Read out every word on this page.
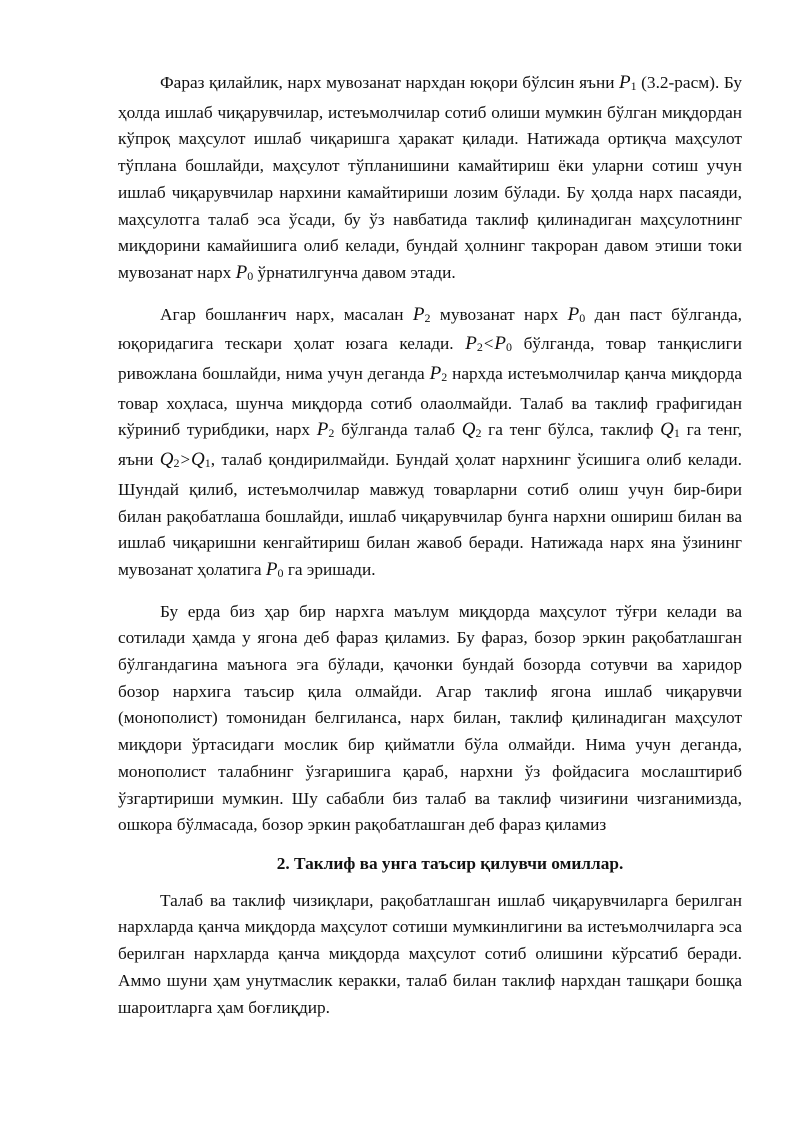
Фараз қилайлик, нарх мувозанат нархдан юқори бўлсин яъни P1 (3.2-расм). Бу ҳолда ишлаб чиқарувчилар, истеъмолчилар сотиб олиши мумкин бўлган миқдордан кўпроқ маҳсулот ишлаб чиқаришга ҳаракат қилади. Натижада ортиқча маҳсулот тўплана бошлайди, маҳсулот тўпланишини камайтириш ёки уларни сотиш учун ишлаб чиқарувчилар нархини камайтириши лозим бўлади. Бу ҳолда нарх пасаяди, маҳсулотга талаб эса ўсади, бу ўз навбатида таклиф қилинадиган маҳсулотнинг миқдорини камайишига олиб келади, бундай ҳолнинг такроран давом этиши токи мувозанат нарх P0 ўрнатилгунча давом этади.

Агар бошланғич нарх, масалан P2 мувозанат нарх P0 дан паст бўлганда, юқоридагига тескари ҳолат юзага келади. P2<P0 бўлганда, товар танқислиги ривожлана бошлайди, нима учун деганда P2 нархда истеъмолчилар қанча миқдорда товар хоҳласа, шунча миқдорда сотиб олаолмайди. Талаб ва таклиф графигидан кўриниб турибдики, нарх P2 бўлганда талаб Q2 га тенг бўлса, таклиф Q1 га тенг, яъни Q2>Q1, талаб қондирилмайди. Бундай ҳолат нархнинг ўсишига олиб келади. Шундай қилиб, истеъмолчилар мавжуд товарларни сотиб олиш учун бир-бири билан рақобатлаша бошлайди, ишлаб чиқарувчилар бунга нархни ошириш билан ва ишлаб чиқаришни кенгайтириш билан жавоб беради. Натижада нарх яна ўзининг мувозанат ҳолатига P0 га эришади.

Бу ерда биз ҳар бир нархга маълум миқдорда маҳсулот тўғри келади ва сотилади ҳамда у ягона деб фараз қиламиз. Бу фараз, бозор эркин рақобатлашган бўлгандагина маънога эга бўлади, қачонки бундай бозорда сотувчи ва харидор бозор нархига таъсир қила олмайди. Агар таклиф ягона ишлаб чиқарувчи (монополист) томонидан белгиланса, нарх билан, таклиф қилинадиган маҳсулот миқдори ўртасидаги мослик бир қийматли бўла олмайди. Нима учун деганда, монополист талабнинг ўзгаришига қараб, нархни ўз фойдасига мослаштириб ўзгартириши мумкин. Шу сабабли биз талаб ва таклиф чизиғини чизганимизда, ошкора бўлмасада, бозор эркин рақобатлашган деб фараз қиламиз

2. Таклиф ва унга таъсир қилувчи омиллар.

Талаб ва таклиф чизиқлари, рақобатлашган ишлаб чиқарувчиларга берилган нархларда қанча миқдорда маҳсулот сотиши мумкинлигини ва истеъмолчиларга эса берилган нархларда қанча миқдорда маҳсулот сотиб олишини кўрсатиб беради. Аммо шуни ҳам унутмаслик керакки, талаб билан таклиф нархдан ташқари бошқа шароитларга ҳам боғлиқдир.
